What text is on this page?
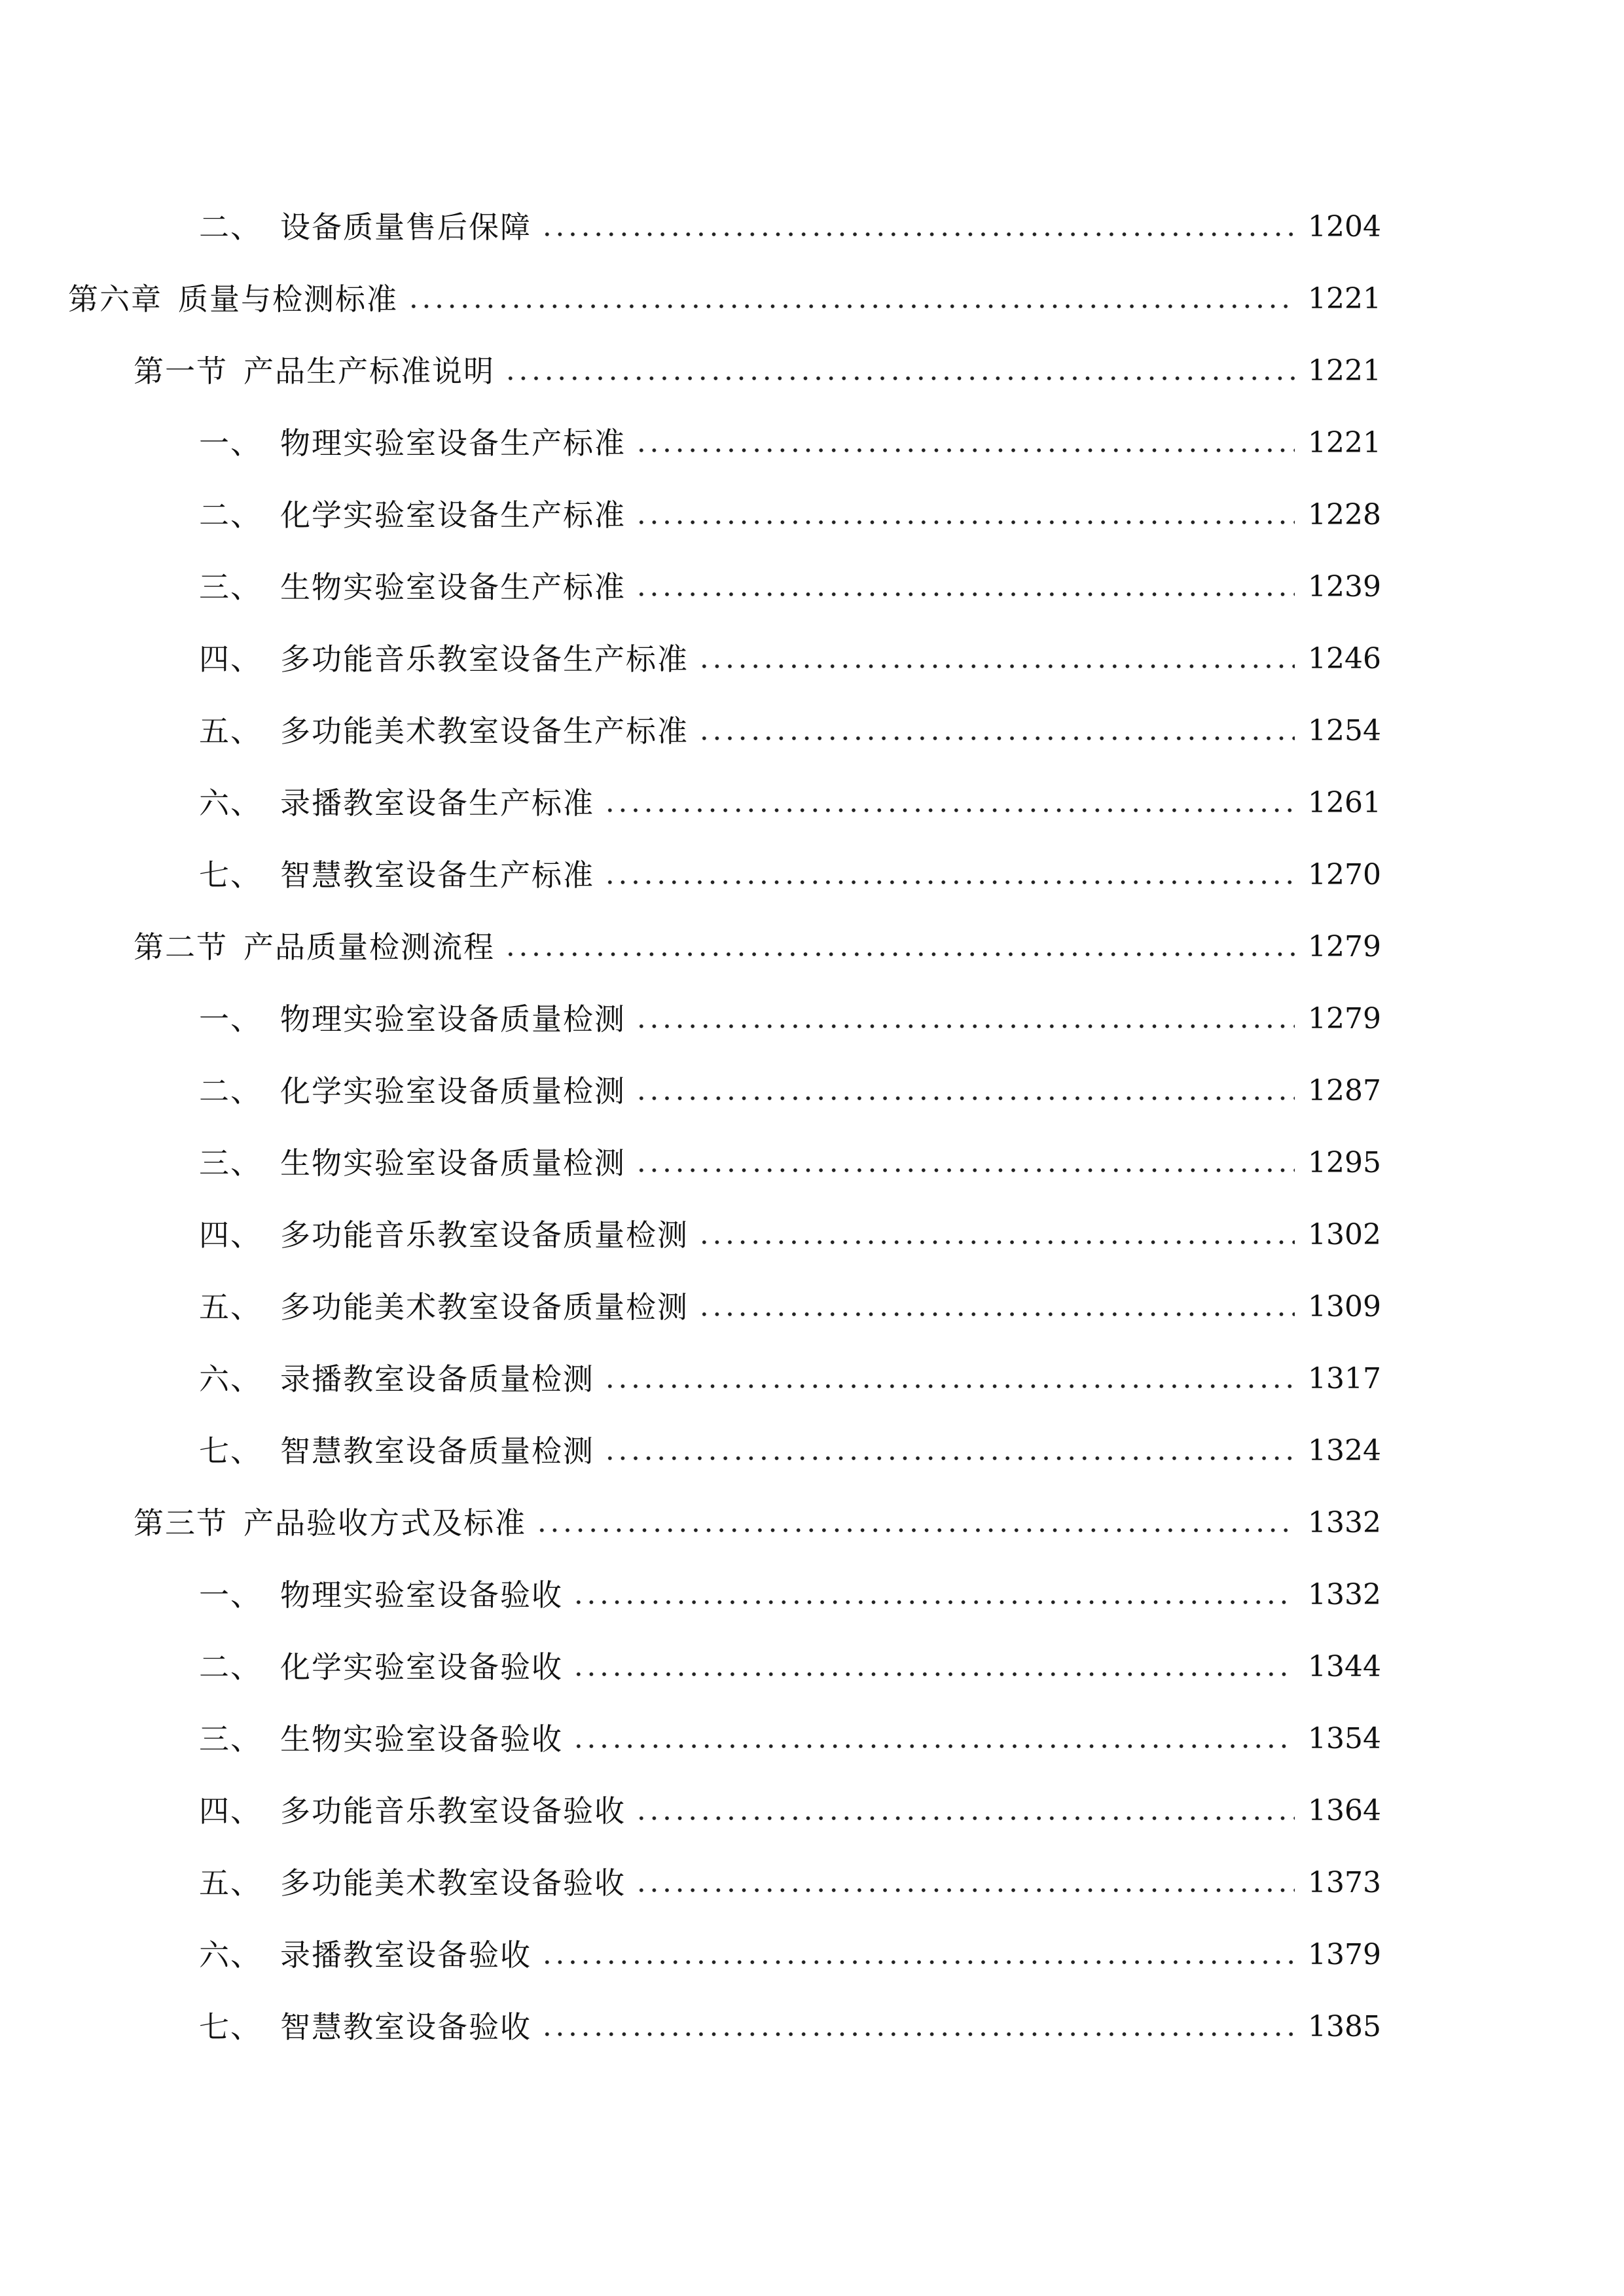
二、 设备质量售后保障	1204
第六章 质量与检测标准	1221
第一节 产品生产标准说明	1221
一、 物理实验室设备生产标准	1221
二、 化学实验室设备生产标准	1228
三、 生物实验室设备生产标准	1239
四、 多功能音乐教室设备生产标准	1246
五、 多功能美术教室设备生产标准	1254
六、 录播教室设备生产标准	1261
七、 智慧教室设备生产标准	1270
第二节 产品质量检测流程	1279
一、 物理实验室设备质量检测	1279
二、 化学实验室设备质量检测	1287
三、 生物实验室设备质量检测	1295
四、 多功能音乐教室设备质量检测	1302
五、 多功能美术教室设备质量检测	1309
六、 录播教室设备质量检测	1317
七、 智慧教室设备质量检测	1324
第三节 产品验收方式及标准	1332
一、 物理实验室设备验收	1332
二、 化学实验室设备验收	1344
三、 生物实验室设备验收	1354
四、 多功能音乐教室设备验收	1364
五、 多功能美术教室设备验收	1373
六、 录播教室设备验收	1379
七、 智慧教室设备验收	1385
